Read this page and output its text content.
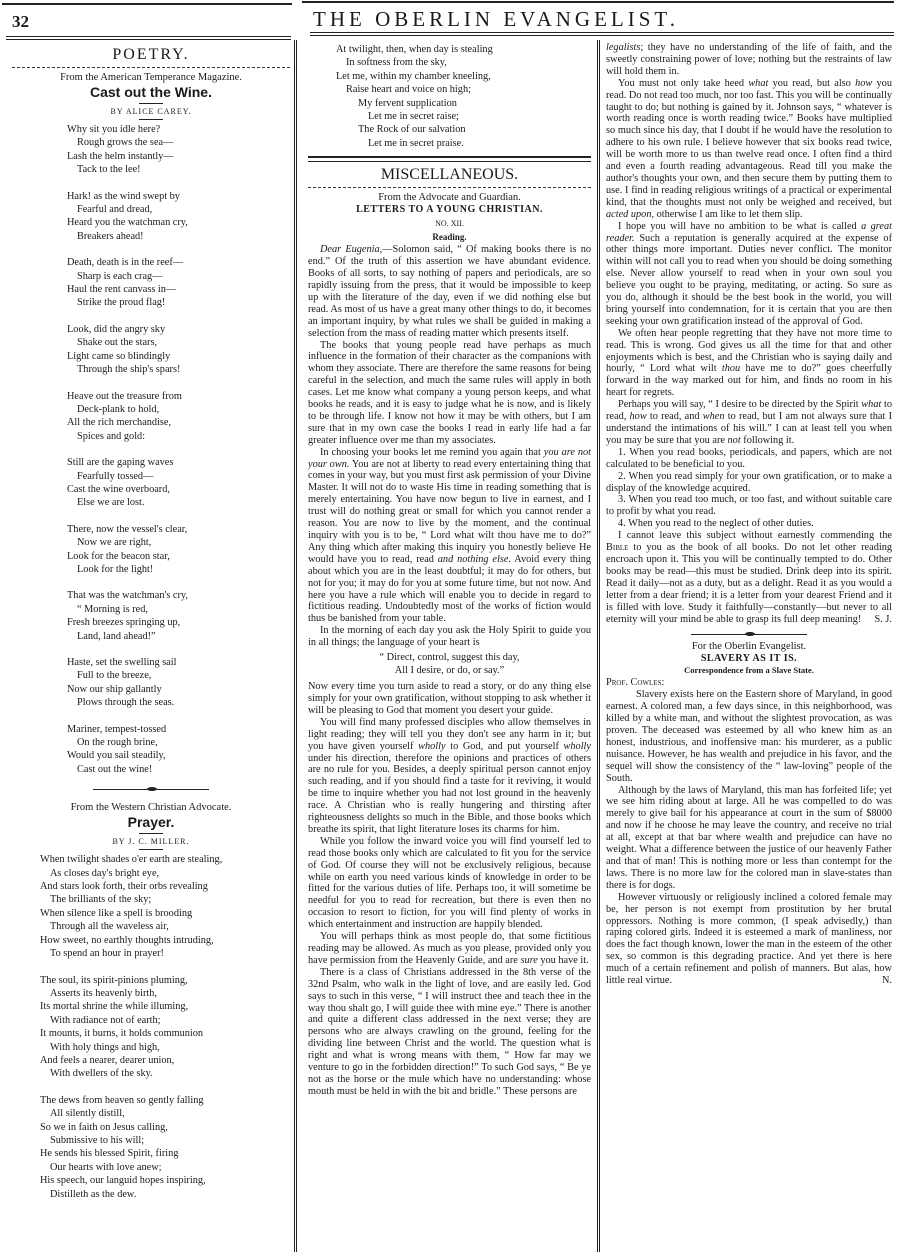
32	THE OBERLIN EVANGELIST.
POETRY.
From the American Temperance Magazine.
Cast out the Wine.
BY ALICE CAREY.
Why sit you idle here?
Rough grows the sea—
Lash the helm instantly—
Tack to the lee!
Hark! as the wind swept by
Fearful and dread,
Heard you the watchman cry,
Breakers ahead!
Death, death is in the reef—
Sharp is each crag—
Haul the rent canvass in—
Strike the proud flag!
Look, did the angry sky
Shake out the stars,
Light came so blindingly
Through the ship's spars!
Heave out the treasure from
Deck-plank to hold,
All the rich merchandise,
Spices and gold:
Still are the gaping waves
Fearfully tossed—
Cast the wine overboard,
Else we are lost.
There, now the vessel's clear,
Now we are right,
Look for the beacon star,
Look for the light!
That was the watchman's cry,
“ Morning is red,
Fresh breezes springing up,
Land, land ahead!”
Haste, set the swelling sail
Full to the breeze,
Now our ship gallantly
Plows through the seas.
Mariner, tempest-tossed
On the rough brine,
Would you sail steadily,
Cast out the wine!
From the Western Christian Advocate.
Prayer.
BY J. C. MILLER.
When twilight shades o'er earth are stealing,
As closes day's bright eye,
And stars look forth, their orbs revealing
The brilliants of the sky;
When silence like a spell is brooding
Through all the waveless air,
How sweet, no earthly thoughts intruding,
To spend an hour in prayer!
The soul, its spirit-pinions pluming,
Asserts its heavenly birth,
Its mortal shrine the while illuming,
With radiance not of earth;
It mounts, it burns, it holds communion
With holy things and high,
And feels a nearer, dearer union,
With dwellers of the sky.
The dews from heaven so gently falling
All silently distill,
So we in faith on Jesus calling,
Submissive to his will;
He sends his blessed Spirit, firing
Our hearts with love anew;
His speech, our languid hopes inspiring,
Distilleth as the dew.
At twilight, then, when day is stealing
In softness from the sky,
Let me, within my chamber kneeling,
Raise heart and voice on high;
My fervent supplication
Let me in secret raise;
The Rock of our salvation
Let me in secret praise.
MISCELLANEOUS.
From the Advocate and Guardian.
LETTERS TO A YOUNG CHRISTIAN.
NO. XII.
Reading.

Dear Eugenia,—Solomon said, “ Of making books there is no end.” Of the truth of this assertion we have abundant evidence. Books of all sorts, to say nothing of papers and periodicals, are so rapidly issuing from the press, that it would be impossible to keep up with the literature of the day, even if we did nothing else but read. As most of us have a great many other things to do, it becomes an important inquiry, by what rules we shall be guided in making a selection from the mass of reading matter which presents itself.

The books that young people read have perhaps as much influence in the formation of their character as the companions with whom they associate. There are therefore the same reasons for being careful in the selection, and much the same rules will apply in both cases. Let me know what company a young person keeps, and what books he reads, and it is easy to judge what he is now, and is likely to be through life. I know not how it may be with others, but I am sure that in my own case the books I read in early life had a far greater influence over me than my associates.

In choosing your books let me remind you again that you are not your own. You are not at liberty to read every entertaining thing that comes in your way, but you must first ask permission of your Divine Master. It will not do to waste His time in reading something that is merely entertaining. You have now begun to live in earnest, and I trust will do nothing great or small for which you cannot render a reason. You are now to live by the moment, and the continual inquiry with you is to be, “ Lord what wilt thou have me to do?” Any thing which after making this inquiry you honestly believe He would have you to read, read and nothing else. Avoid every thing about which you are in the least doubtful; it may do for others, but not for you; it may do for you at some future time, but not now. And here you have a rule which will enable you to decide in regard to fictitious reading. Undoubtedly most of the works of fiction would thus be banished from your table.

In the morning of each day you ask the Holy Spirit to guide you in all things; the language of your heart is

“ Direct, control, suggest this day,
All I desire, or do, or say.”

Now every time you turn aside to read a story, or do any thing else simply for your own gratification, without stopping to ask whether it will be pleasing to God that moment you desert your guide.

You will find many professed disciples who allow themselves in light reading; they will tell you they don't see any harm in it; but you have given yourself wholly to God, and put yourself wholly under his direction, therefore the opinions and practices of others are no rule for you. Besides, a deeply spiritual person cannot enjoy such reading, and if you should find a taste for it reviving, it would be time to inquire whether you had not lost ground in the heavenly race. A Christian who is really hungering and thirsting after righteousness delights so much in the Bible, and those books which breathe its spirit, that light literature loses its charms for him.

While you follow the inward voice you will find yourself led to read those books only which are calculated to fit you for the service of God. Of course they will not be exclusively religious, because while on earth you need various kinds of knowledge in order to be fitted for the various duties of life. Perhaps too, it will sometime be needful for you to read for recreation, but there is even then no occasion to resort to fiction, for you will find plenty of works in which entertainment and instruction are happily blended.

You will perhaps think as most people do, that some fictitious reading may be allowed. As much as you please, provided only you have permission from the Heavenly Guide, and are sure you have it.

There is a class of Christians addressed in the 8th verse of the 32nd Psalm, who walk in the light of love, and are easily led. God says to such in this verse, “ I will instruct thee and teach thee in the way thou shalt go, I will guide thee with mine eye.” There is another and quite a different class addressed in the next verse; they are persons who are always crawling on the ground, feeling for the dividing line between Christ and the world. The question what is right and what is wrong means with them, “ How far may we venture to go in the forbidden direction!” To such God says, “ Be ye not as the horse or the mule which have no understanding: whose mouth must be held in with the bit and bridle.” These persons are

legalists; they have no understanding of the life of faith, and the sweetly constraining power of love; nothing but the restraints of law will hold them in.

You must not only take heed what you read, but also how you read. Do not read too much, nor too fast. This you will be continually taught to do; but nothing is gained by it. Johnson says, “ whatever is worth reading once is worth reading twice.” Books have multiplied so much since his day, that I doubt if he would have the resolution to adhere to his own rule. I believe however that six books read twice, will be worth more to us than twelve read once. I often find a third and even a fourth reading advantageous. Read till you make the author's thoughts your own, and then secure them by putting them to use. I find in reading religious writings of a practical or experimental kind, that the thoughts must not only be weighed and received, but acted upon, otherwise I am like to let them slip.

I hope you will have no ambition to be what is called a great reader. Such a reputation is generally acquired at the expense of other things more important. Duties never conflict. The monitor within will not call you to read when you should be doing something else. Never allow yourself to read when in your own soul you believe you ought to be praying, meditating, or acting. So sure as you do, although it should be the best book in the world, you will bring yourself into condemnation, for it is certain that you are then seeking your own gratification instead of the approval of God.

We often hear people regretting that they have not more time to read. This is wrong. God gives us all the time for that and other enjoyments which is best, and the Christian who is saying daily and hourly, “ Lord what wilt thou have me to do?” goes cheerfully forward in the way marked out for him, and finds no room in his heart for regrets.

Perhaps you will say, “ I desire to be directed by the Spirit what to read, how to read, and when to read, but I am not always sure that I understand the intimations of his will.” I can at least tell you when you may be sure that you are not following it.

1. When you read books, periodicals, and papers, which are not calculated to be beneficial to you.

2. When you read simply for your own gratification, or to make a display of the knowledge acquired.

3. When you read too much, or too fast, and without suitable care to profit by what you read.

4. When you read to the neglect of other duties.

I cannot leave this subject without earnestly commending the Bible to you as the book of all books. Do not let other reading encroach upon it. This you will be continually tempted to do. Other books may be read—this must be studied. Drink deep into its spirit. Read it daily—not as a duty, but as a delight. Read it as you would a letter from a dear friend; it is a letter from your dearest Friend and it is filled with love. Study it faithfully—constantly—but never to all eternity will your mind be able to grasp its full deep meaning!	S. J.

For the Oberlin Evangelist.
SLAVERY AS IT IS.
Correspondence from a Slave State.

Prof. Cowles:

Slavery exists here on the Eastern shore of Maryland, in good earnest. A colored man, a few days since, in this neighborhood, was killed by a white man, and without the slightest provocation, as was proven. The deceased was esteemed by all who knew him as an honest, industrious, and inoffensive man: his murderer, as a public nuisance. However, he has wealth and prejudice in his favor, and the sequel will show the consistency of the “ law-loving” people of the South.

Although by the laws of Maryland, this man has forfeited life; yet we see him riding about at large. All he was compelled to do was merely to give bail for his appearance at court in the sum of $8000 and now if he choose he may leave the country, and receive no trial at all, except at that bar where wealth and prejudice can have no weight. What a difference between the justice of our heavenly Father and that of man! This is nothing more or less than contempt for the laws. There is no more law for the colored man in slave-states than there is for dogs.

However virtuously or religiously inclined a colored female may be, her person is not exempt from prostitution by her brutal oppressors. Nothing is more common, (I speak advisedly,) than raping colored girls. Indeed it is esteemed a mark of manliness, nor does the fact though known, lower the man in the esteem of the other sex, so common is this degrading practice. And yet there is here much of a certain refinement and polish of manners. But alas, how little real virtue.	N.
